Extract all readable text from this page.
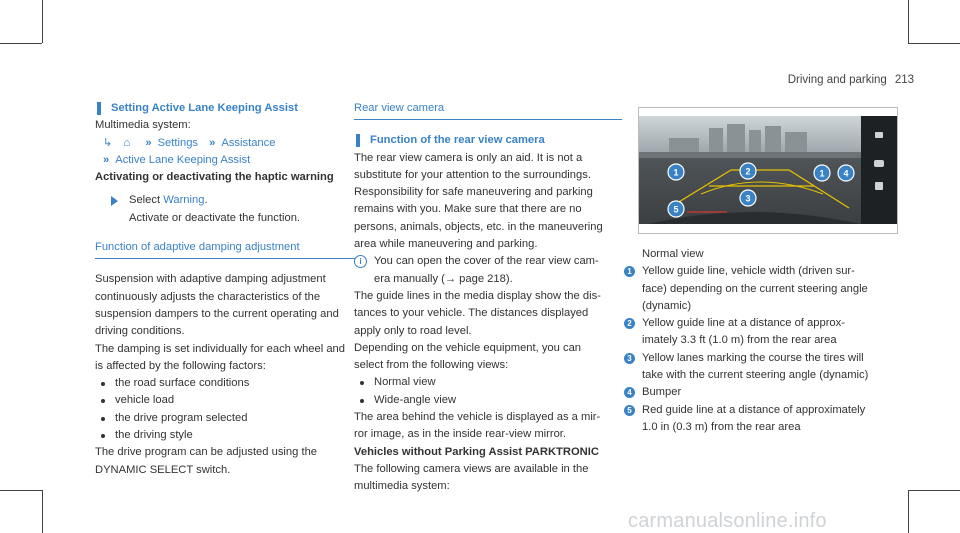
Driving and parking 213
Setting Active Lane Keeping Assist
Multimedia system:
↳ ⌂ » Settings » Assistance
» Active Lane Keeping Assist
Activating or deactivating the haptic warning
Select Warning.
Activate or deactivate the function.
Function of adaptive damping adjustment
Suspension with adaptive damping adjustment
continuously adjusts the characteristics of the
suspension dampers to the current operating and
driving conditions.
The damping is set individually for each wheel and
is affected by the following factors:
the road surface conditions
vehicle load
the drive program selected
the driving style
The drive program can be adjusted using the
DYNAMIC SELECT switch.
Rear view camera
Function of the rear view camera
The rear view camera is only an aid. It is not a
substitute for your attention to the surroundings.
Responsibility for safe maneuvering and parking
remains with you. Make sure that there are no
persons, animals, objects, etc. in the maneuvering
area while maneuvering and parking.
i	You can open the cover of the rear view cam-
era manually (→ page 218).
The guide lines in the media display show the dis-
tances to your vehicle. The distances displayed
apply only to road level.
Depending on the vehicle equipment, you can
select from the following views:
Normal view
Wide-angle view
The area behind the vehicle is displayed as a mir-
ror image, as in the inside rear-view mirror.
Vehicles without Parking Assist PARKTRONIC
The following camera views are available in the
multimedia system:
1	2
3
1 4
5
Normal view
1 Yellow guide line, vehicle width (driven sur-
face) depending on the current steering angle
(dynamic)
2 Yellow guide line at a distance of approx-
imately 3.3 ft (1.0 m) from the rear area
3 Yellow lanes marking the course the tires will
take with the current steering angle (dynamic)
4 Bumper
5 Red guide line at a distance of approximately
1.0 in (0.3 m) from the rear area
carmanualsonline.info
